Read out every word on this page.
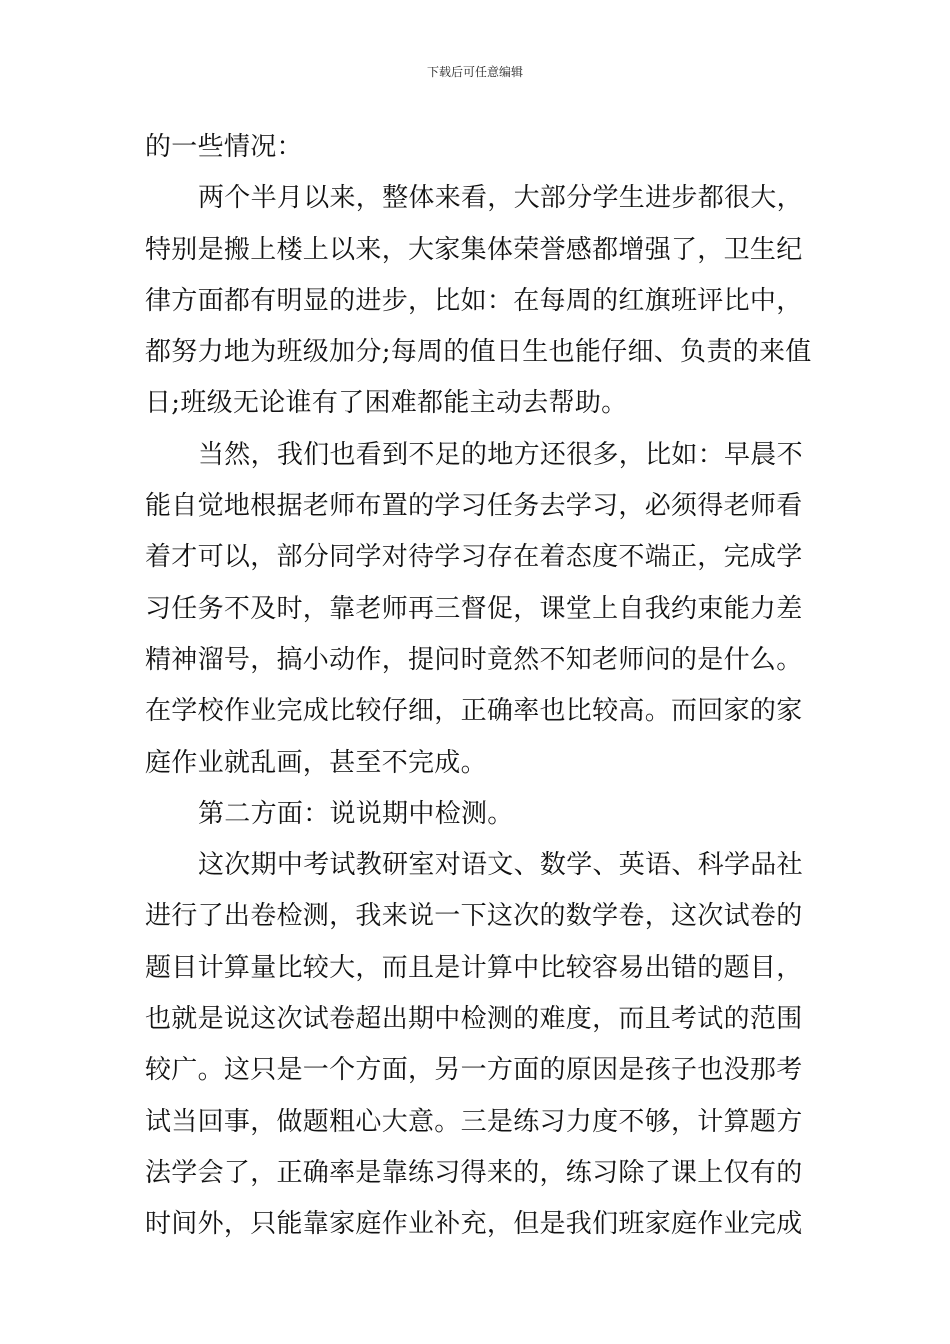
下载后可任意编辑
的一些情况：
两个半月以来，整体来看，大部分学生进步都很大，
特别是搬上楼上以来，大家集体荣誉感都增强了，卫生纪
律方面都有明显的进步，比如：在每周的红旗班评比中，
都努力地为班级加分;每周的值日生也能仔细、负责的来值
日;班级无论谁有了困难都能主动去帮助。
当然，我们也看到不足的地方还很多，比如：早晨不
能自觉地根据老师布置的学习任务去学习，必须得老师看
着才可以，部分同学对待学习存在着态度不端正，完成学
习任务不及时，靠老师再三督促，课堂上自我约束能力差
精神溜号，搞小动作，提问时竟然不知老师问的是什么。
在学校作业完成比较仔细，正确率也比较高。而回家的家
庭作业就乱画，甚至不完成。
第二方面：说说期中检测。
这次期中考试教研室对语文、数学、英语、科学品社
进行了出卷检测，我来说一下这次的数学卷，这次试卷的
题目计算量比较大，而且是计算中比较容易出错的题目，
也就是说这次试卷超出期中检测的难度，而且考试的范围
较广。这只是一个方面，另一方面的原因是孩子也没那考
试当回事，做题粗心大意。三是练习力度不够，计算题方
法学会了，正确率是靠练习得来的，练习除了课上仅有的
时间外，只能靠家庭作业补充，但是我们班家庭作业完成
